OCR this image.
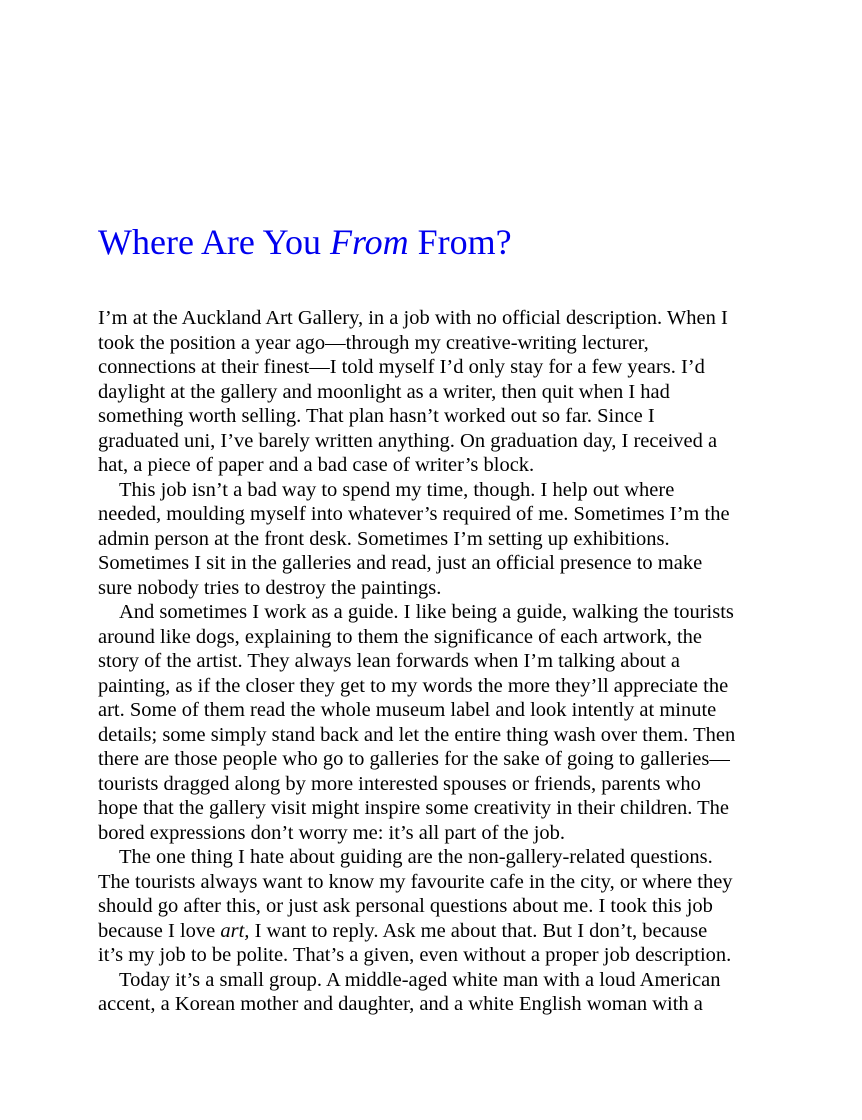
Where Are You From From?

I’m at the Auckland Art Gallery, in a job with no official description. When I
took the position a year ago—through my creative-writing lecturer,
connections at their finest—I told myself I’d only stay for a few years. I’d
daylight at the gallery and moonlight as a writer, then quit when I had
something worth selling. That plan hasn’t worked out so far. Since I
graduated uni, I’ve barely written anything. On graduation day, I received a
hat, a piece of paper and a bad case of writer’s block.

This job isn’t a bad way to spend my time, though. I help out where
needed, moulding myself into whatever’s required of me. Sometimes I’m the
admin person at the front desk. Sometimes I’m setting up exhibitions.
Sometimes I sit in the galleries and read, just an official presence to make
sure nobody tries to destroy the paintings.

And sometimes I work as a guide. I like being a guide, walking the tourists
around like dogs, explaining to them the significance of each artwork, the
story of the artist. They always lean forwards when I’m talking about a
painting, as if the closer they get to my words the more they’ll appreciate the
art. Some of them read the whole museum label and look intently at minute
details; some simply stand back and let the entire thing wash over them. Then
there are those people who go to galleries for the sake of going to galleries—
tourists dragged along by more interested spouses or friends, parents who
hope that the gallery visit might inspire some creativity in their children. The
bored expressions don’t worry me: it’s all part of the job.

The one thing I hate about guiding are the non-gallery-related questions.
The tourists always want to know my favourite cafe in the city, or where they
should go after this, or just ask personal questions about me. I took this job
because I love art, I want to reply. Ask me about that. But I don’t, because
it’s my job to be polite. That’s a given, even without a proper job description.

Today it’s a small group. A middle-aged white man with a loud American
accent, a Korean mother and daughter, and a white English woman with a
